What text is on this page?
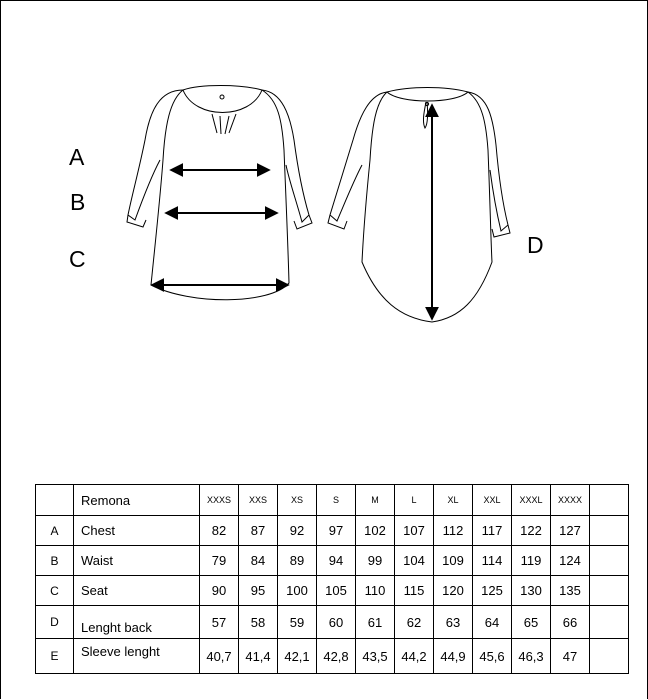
A
B
C
D
	Remona	XXXS	XXS	XS	S	M	L	XL	XXL	XXXL	XXXX	
A	Chest	82	87	92	97	102	107	112	117	122	127	
B	Waist	79	84	89	94	99	104	109	114	119	124	
C	Seat	90	95	100	105	110	115	120	125	130	135	
D	Lenght back	57	58	59	60	61	62	63	64	65	66	
E	Sleeve lenght	40,7	41,4	42,1	42,8	43,5	44,2	44,9	45,6	46,3	47	
